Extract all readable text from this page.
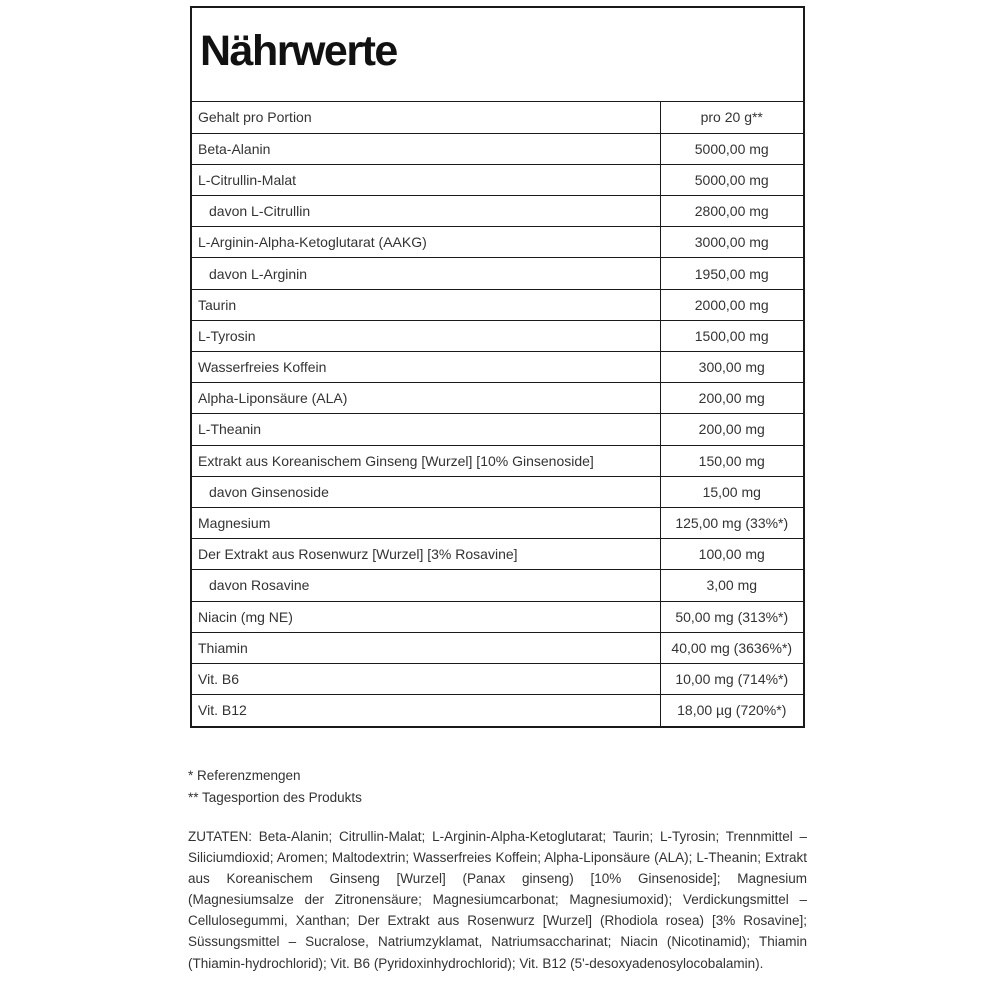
Nährwerte
Gehalt pro Portion	pro 20 g**
Beta-Alanin	5000,00 mg
L-Citrullin-Malat	5000,00 mg
davon L-Citrullin	2800,00 mg
L-Arginin-Alpha-Ketoglutarat (AAKG)	3000,00 mg
davon L-Arginin	1950,00 mg
Taurin	2000,00 mg
L-Tyrosin	1500,00 mg
Wasserfreies Koffein	300,00 mg
Alpha-Liponsäure (ALA)	200,00 mg
L-Theanin	200,00 mg
Extrakt aus Koreanischem Ginseng [Wurzel] [10% Ginsenoside]	150,00 mg
davon Ginsenoside	15,00 mg
Magnesium	125,00 mg (33%*)
Der Extrakt aus Rosenwurz [Wurzel] [3% Rosavine]	100,00 mg
davon Rosavine	3,00 mg
Niacin (mg NE)	50,00 mg (313%*)
Thiamin	40,00 mg (3636%*)
Vit. B6	10,00 mg (714%*)
Vit. B12	18,00 µg (720%*)

* Referenzmengen

** Tagesportion des Produkts

ZUTATEN: Beta-Alanin; Citrullin-Malat; L-Arginin-Alpha-Ketoglutarat; Taurin; L-Tyrosin; Trennmittel – Siliciumdioxid; Aromen; Maltodextrin; Wasserfreies Koffein; Alpha-Liponsäure (ALA); L-Theanin; Extrakt aus Koreanischem Ginseng [Wurzel] (Panax ginseng) [10% Ginsenoside]; Magnesium (Magnesiumsalze der Zitronensäure; Magnesiumcarbonat; Magnesiumoxid); Verdickungsmittel – Cellulosegummi, Xanthan; Der Extrakt aus Rosenwurz [Wurzel] (Rhodiola rosea) [3% Rosavine]; Süssungsmittel – Sucralose, Natriumzyklamat, Natriumsaccharinat; Niacin (Nicotinamid); Thiamin (Thiamin-hydrochlorid); Vit. B6 (Pyridoxinhydrochlorid); Vit. B12 (5'-desoxyadenosylocobalamin).
